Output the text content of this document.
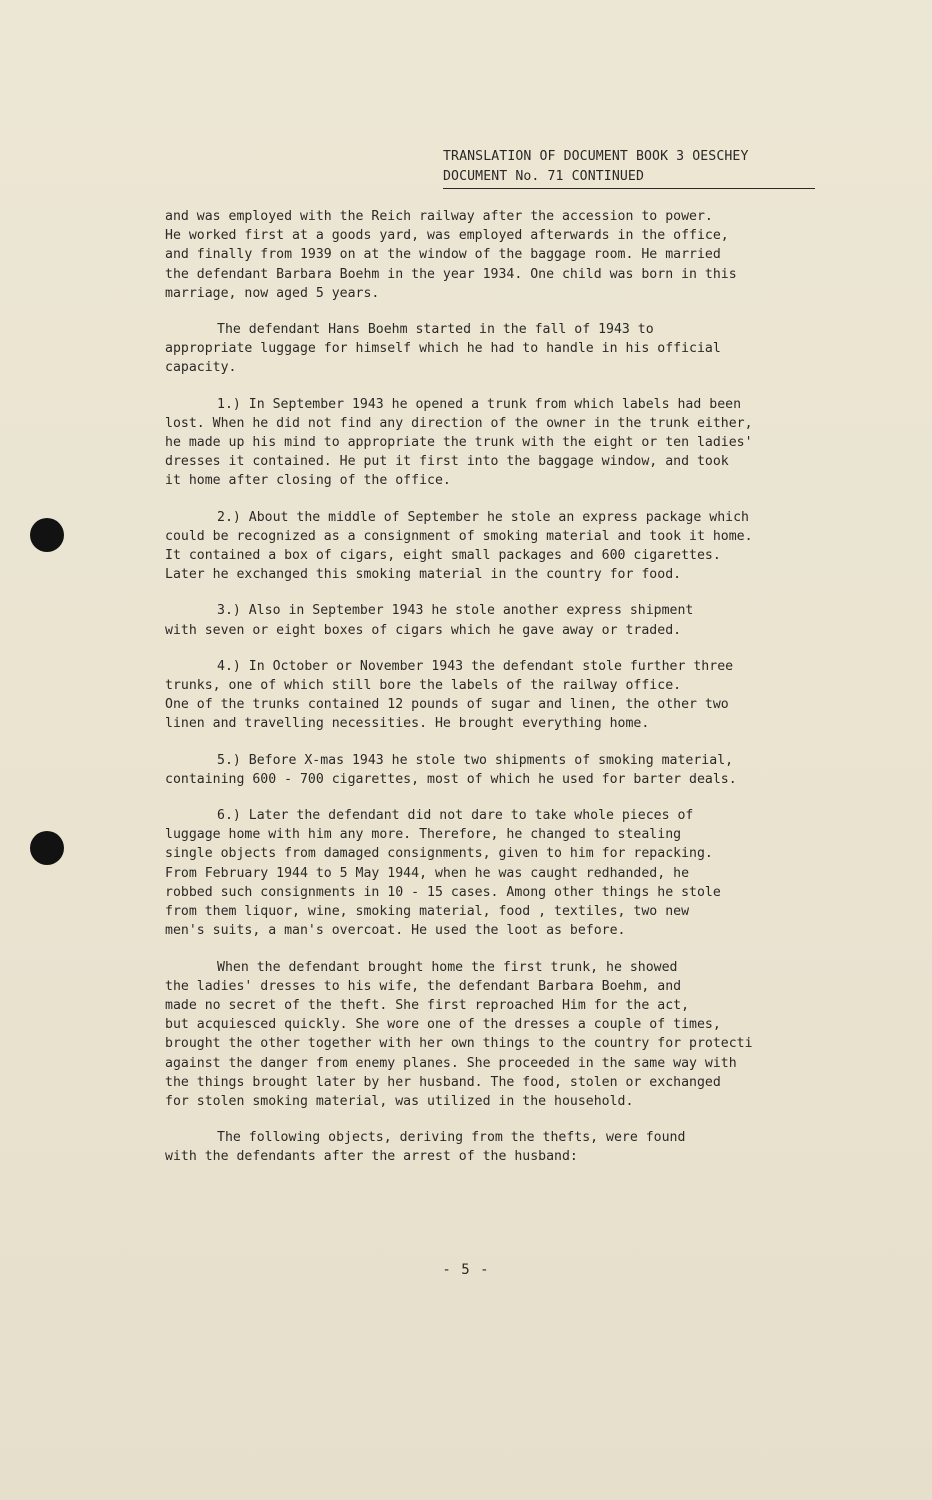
TRANSLATION OF DOCUMENT BOOK 3 OESCHEY

DOCUMENT No. 71 CONTINUED

and was employed with the Reich railway after the accession to power.
He worked first at a goods yard, was employed afterwards in the office,
and finally from 1939 on at the window of the baggage room. He married
the defendant Barbara Boehm in the year 1934. One child was born in this
marriage, now aged 5 years.

The defendant Hans Boehm started in the fall of 1943 to
appropriate luggage for himself which he had to handle in his official
capacity.

1.) In September 1943 he opened a trunk from which labels had been
lost. When he did not find any direction of the owner in the trunk either,
he made up his mind to appropriate the trunk with the eight or ten ladies'
dresses it contained. He put it first into the baggage window, and took
it home after closing of the office.

2.) About the middle of September he stole an express package which
could be recognized as a consignment of smoking material and took it home.
It contained a box of cigars, eight small packages and 600 cigarettes.
Later he exchanged this smoking material in the country for food.

3.) Also in September 1943 he stole another express shipment
with seven or eight boxes of cigars which he gave away or traded.

4.) In October or November 1943 the defendant stole further three
trunks, one of which still bore the labels of the railway office.
One of the trunks contained 12 pounds of sugar and linen, the other two
linen and travelling necessities. He brought everything home.

5.) Before X-mas 1943 he stole two shipments of smoking material,
containing 600 - 700 cigarettes, most of which he used for barter deals.

6.) Later the defendant did not dare to take whole pieces of
luggage home with him any more. Therefore, he changed to stealing
single objects from damaged consignments, given to him for repacking.
From February 1944 to 5 May 1944, when he was caught redhanded, he
robbed such consignments in 10 - 15 cases. Among other things he stole
from them liquor, wine, smoking material, food , textiles, two new
men's suits, a man's overcoat. He used the loot as before.

When the defendant brought home the first trunk, he showed
the ladies' dresses to his wife, the defendant Barbara Boehm, and
made no secret of the theft. She first reproached Him for the act,
but acquiesced quickly. She wore one of the dresses a couple of times,
brought the other together with her own things to the country for protecti
against the danger from enemy planes. She proceeded in the same way with
the things brought later by her husband. The food, stolen or exchanged
for stolen smoking material, was utilized in the household.

The following objects, deriving from the thefts, were found
with the defendants after the arrest of the husband:

- 5 -
